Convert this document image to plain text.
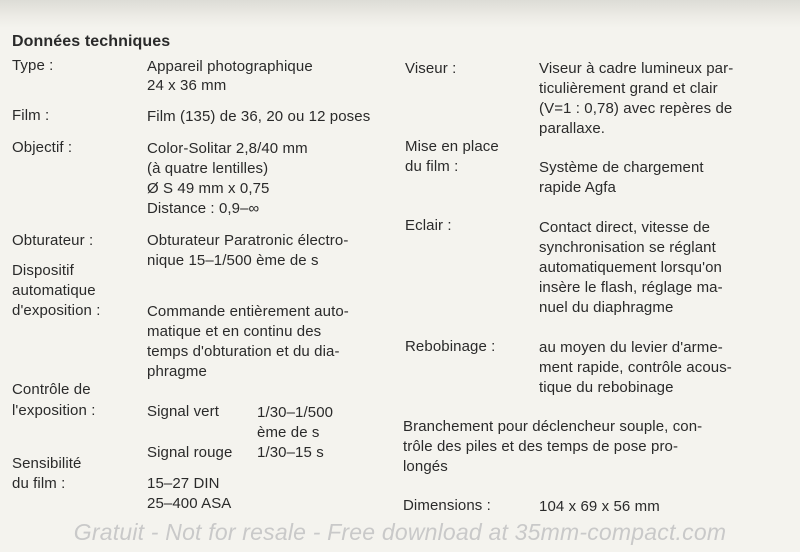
Données techniques
Type :	Appareil photographique
24 x 36 mm
Film :	Film (135) de 36, 20 ou 12 poses
Objectif :	Color-Solitar 2,8/40 mm
(à quatre lentilles)
Ø S 49 mm x 0,75
Distance : 0,9–∞
Obturateur :	Obturateur Paratronic électro-
nique 15–1/500 ème de s
Dispositif
automatique
d'exposition :	Commande entièrement auto-
matique et en continu des
temps d'obturation et du dia-
phragme
Contrôle de
l'exposition :	Signal vert	1/30–1/500
ème de s
Signal rouge 1/30–15 s
Sensibilité
du film :	15–27 DIN
25–400 ASA
Viseur :	Viseur à cadre lumineux par-
ticulièrement grand et clair
(V=1 : 0,78) avec repères de
parallaxe.
Mise en place
du film :	Système de chargement
rapide Agfa
Eclair :	Contact direct, vitesse de
synchronisation se réglant
automatiquement lorsqu'on
insère le flash, réglage ma-
nuel du diaphragme
Rebobinage :	au moyen du levier d'arme-
ment rapide, contrôle acous-
tique du rebobinage
Branchement pour déclencheur souple, con-
trôle des piles et des temps de pose pro-
longés
Dimensions :	104 x 69 x 56 mm
Gratuit - Not for resale - Free download at 35mm-compact.com
